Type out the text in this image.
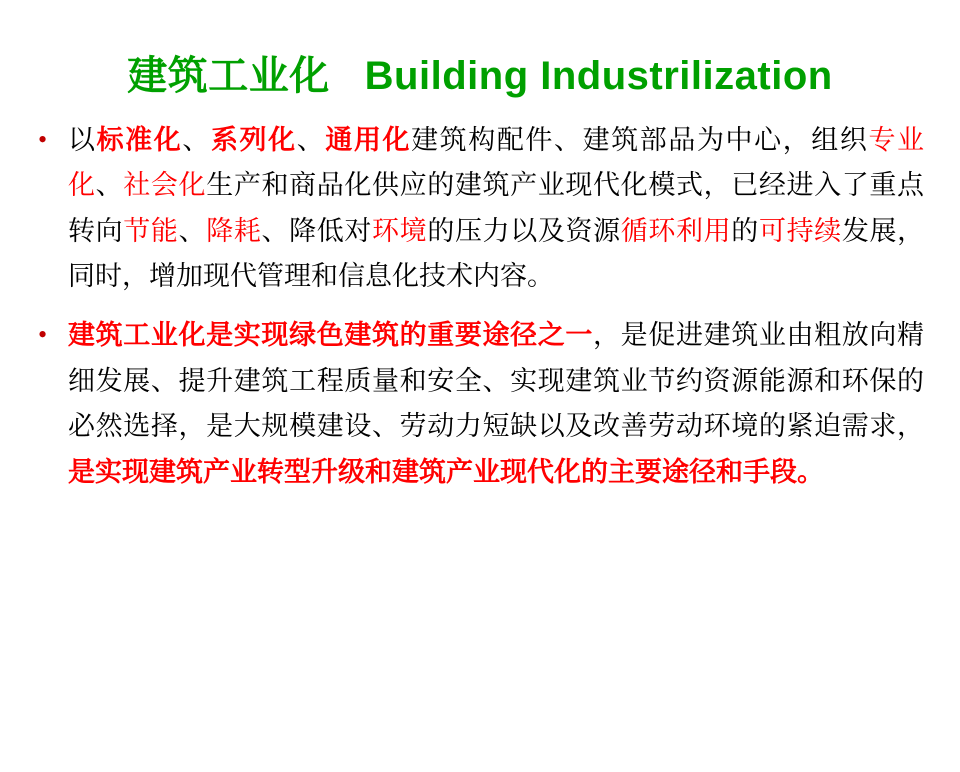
建筑工业化 Building Industrilization
• 以标准化、系列化、通用化建筑构配件、建筑部品为中心，组织专业化、社会化生产和商品化供应的建筑产业现代化模式，已经进入了重点转向节能、降耗、降低对环境的压力以及资源循环利用的可持续发展，同时，增加现代管理和信息化技术内容。
• 建筑工业化是实现绿色建筑的重要途径之一，是促进建筑业由粗放向精细发展、提升建筑工程质量和安全、实现建筑业节约资源能源和环保的必然选择，是大规模建设、劳动力短缺以及改善劳动环境的紧迫需求，是实现建筑产业转型升级和建筑产业现代化的主要途径和手段。
